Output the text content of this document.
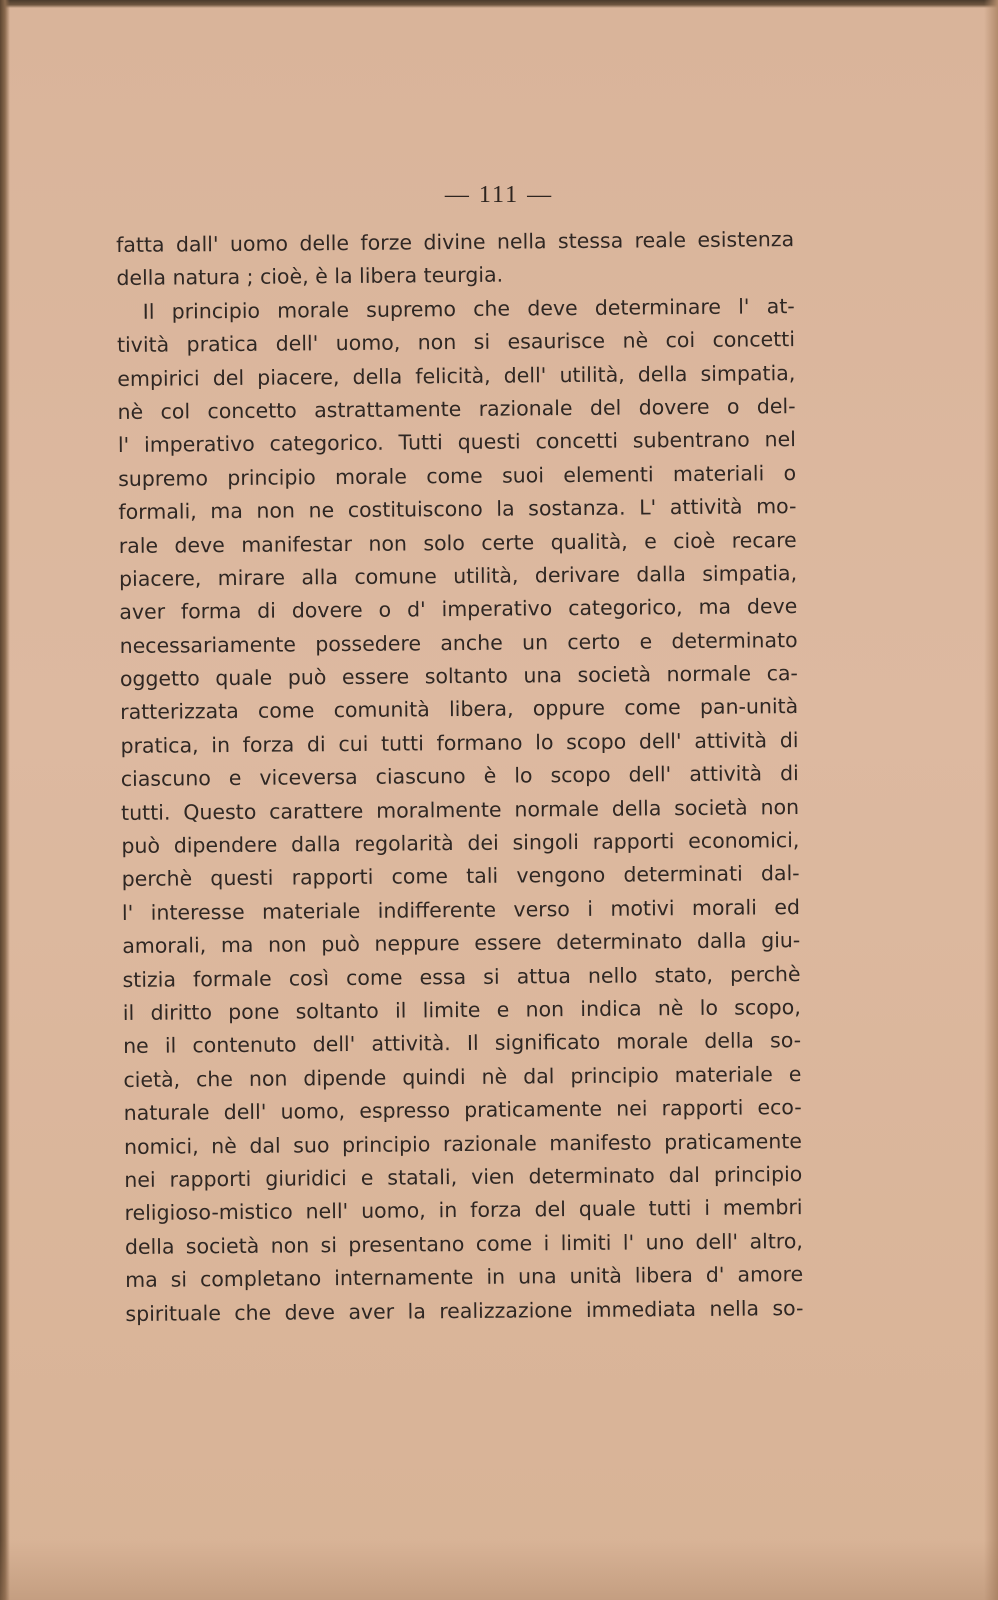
— 111 —
fatta dall' uomo delle forze divine nella stessa reale esistenza
della natura ; cioè, è la libera teurgia.
Il principio morale supremo che deve determinare l' at-
tività pratica dell' uomo, non si esaurisce nè coi concetti
empirici del piacere, della felicità, dell' utilità, della simpatia,
nè col concetto astrattamente razionale del dovere o del-
l' imperativo categorico. Tutti questi concetti subentrano nel
supremo principio morale come suoi elementi materiali o
formali, ma non ne costituiscono la sostanza. L' attività mo-
rale deve manifestar non solo certe qualità, e cioè recare
piacere, mirare alla comune utilità, derivare dalla simpatia,
aver forma di dovere o d' imperativo categorico, ma deve
necessariamente possedere anche un certo e determinato
oggetto quale può essere soltanto una società normale ca-
ratterizzata come comunità libera, oppure come pan-unità
pratica, in forza di cui tutti formano lo scopo dell' attività di
ciascuno e viceversa ciascuno è lo scopo dell' attività di
tutti. Questo carattere moralmente normale della società non
può dipendere dalla regolarità dei singoli rapporti economici,
perchè questi rapporti come tali vengono determinati dal-
l' interesse materiale indifferente verso i motivi morali ed
amorali, ma non può neppure essere determinato dalla giu-
stizia formale così come essa si attua nello stato, perchè
il diritto pone soltanto il limite e non indica nè lo scopo,
ne il contenuto dell' attività. Il significato morale della so-
cietà, che non dipende quindi nè dal principio materiale e
naturale dell' uomo, espresso praticamente nei rapporti eco-
nomici, nè dal suo principio razionale manifesto praticamente
nei rapporti giuridici e statali, vien determinato dal principio
religioso-mistico nell' uomo, in forza del quale tutti i membri
della società non si presentano come i limiti l' uno dell' altro,
ma si completano internamente in una unità libera d' amore
spirituale che deve aver la realizzazione immediata nella so-
